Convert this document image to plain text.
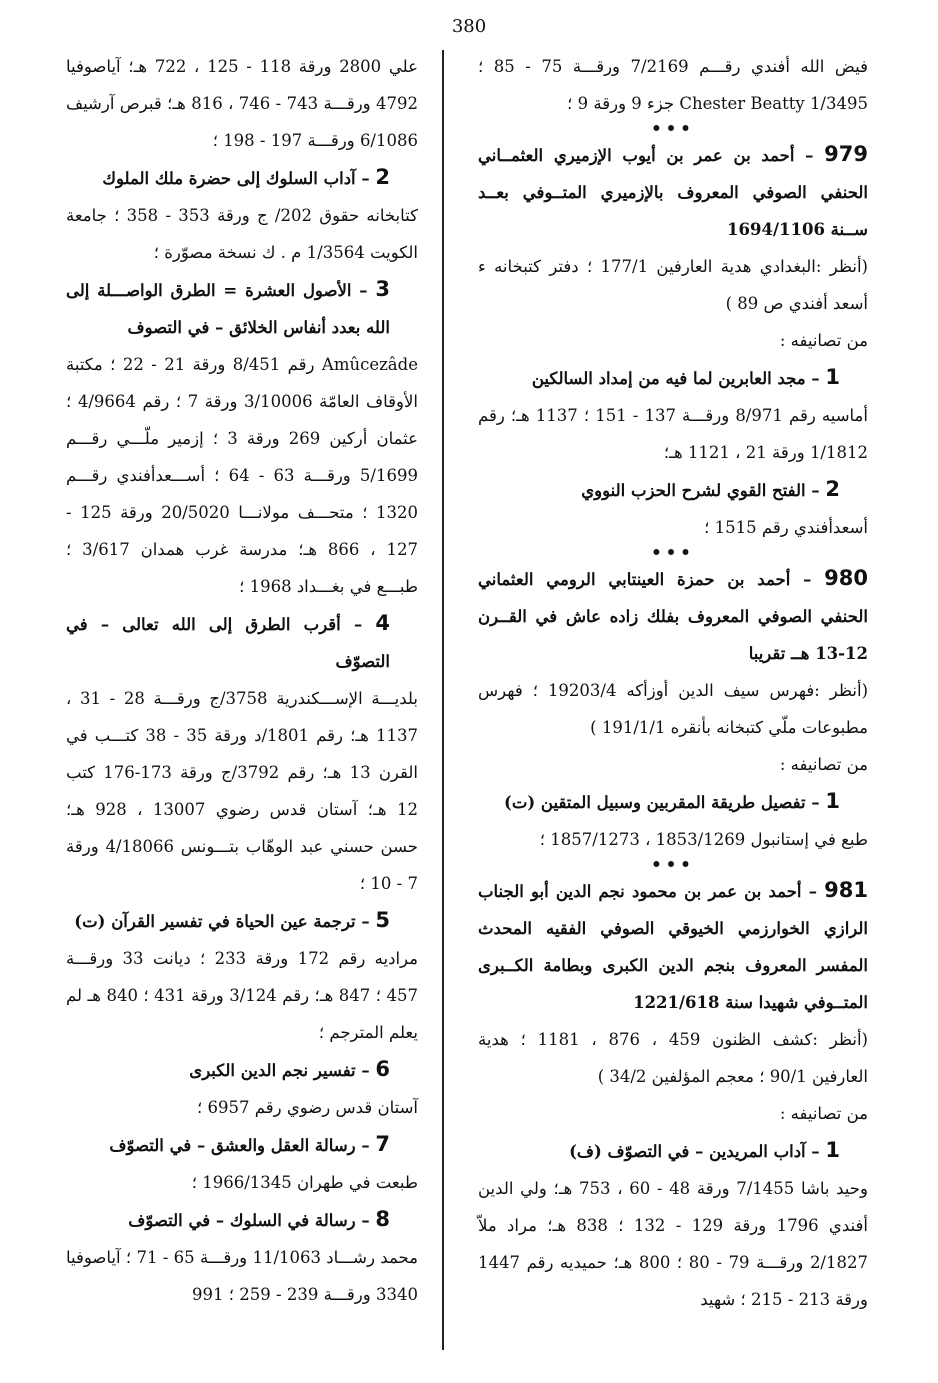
380
فيض الله أفندي رقـــم 7/2169 ورقـــة 75 - 85 ؛ 1/3495 Chester Beatty جزء 9 ورقة 9 ؛
•••
979 – أحمد بن عمر بن أيوب الإزميري العثمــاني الحنفي الصوفي المعروف بالإزميري المتــوفي بعــد ســنة 1694/1106
(أنظر :البغدادي هدية العارفين 177/1 ؛ دفتر كتبخانه ء أسعد أفندي ص 89 )
من تصانيفه :
1 – مجد العابرين لما فيه من إمداد السالكين
أماسيه رقم 8/971 ورقـــة 137 - 151 ؛ 1137 هـ؛ رقم 1/1812 ورقة 21 ، 1121 هـ؛
2 – الفتح القوي لشرح الحزب النووي
أسعدأفندي رقم 1515 ؛
•••
980 – أحمد بن حمزة العينتابي الرومي العثماني الحنفي الصوفي المعروف بفلك زاده عاش في القــرن 12-13 هــ تقريبا
(أنظر :فهرس سيف الدين أوزأكه 19203/4 ؛ فهرس مطبوعات ملّي كتبخانه بأنقره 191/1/1 )
من تصانيفه :
1 – تفصيل طريقة المقربين وسبيل المتقين (ت)
طبع في إستانبول 1853/1269 ، 1857/1273 ؛
•••
981 – أحمد بن عمر بن محمود نجم الدين أبو الجناب الرازي الخوارزمي الخيوقي الصوفي الفقيه المحدث المفسر المعروف بنجم الدين الكبرى وبطامة الكــبرى المتــوفي شهيدا سنة 1221/618
(أنظر :كشف الظنون 459 ، 876 ، 1181 ؛ هدية العارفين 90/1 ؛ معجم المؤلفين 34/2 )
من تصانيفه :
1 – آداب المريدين – في التصوّف (ف)
وحيد باشا 7/1455 ورقة 48 - 60 ، 753 هـ؛ ولي الدين أفندي 1796 ورقة 129 - 132 ؛ 838 هـ؛ مراد ملاّ 2/1827 ورقـــة 79 - 80 ؛ 800 هـ؛ حميديه رقم 1447 ورقة 213 - 215 ؛ شهيد
علي 2800 ورقة 118 - 125 ، 722 هـ؛ آياصوفيا 4792 ورقـــة 743 - 746 ، 816 هـ؛ قبرص آرشيف 6/1086 ورقـــة 197 - 198 ؛
2 – آداب السلوك إلى حضرة ملك الملوك
كتابخانه حقوق 202/ ج ورقة 353 - 358 ؛ جامعة الكويت 1/3564 م . ك نسخة مصوّرة ؛
3 – الأصول العشرة = الطرق الواصـــلة إلى الله بعدد أنفاس الخلائق – في التصوف
Amûcezâde رقم 8/451 ورقة 21 - 22 ؛ مكتبة الأوقاف العامّة 3/10006 ورقة 7 ؛ رقم 4/9664 ؛ عثمان أركين 269 ورقة 3 ؛ إزمير ملّـــي رقـــم 5/1699 ورقـــة 63 - 64 ؛ أســـعدأفندي رقـــم 1320 ؛ متحـــف مولانـــا 20/5020 ورقة 125 - 127 ، 866 هـ؛ مدرسة غرب همدان 3/617 ؛ طبـــع في بغـــداد 1968 ؛
4 – أقرب الطرق إلى الله تعالى – في التصوّف
بلديـــة الإســـكندرية 3758/ج ورقـــة 28 - 31 ، 1137 هـ؛ رقم 1801/د ورقة 35 - 38 كتـــب في القرن 13 هـ؛ رقم 3792/ج ورقة 173-176 كتب 12 هـ؛ آستان قدس رضوي 13007 ، 928 هـ؛ حسن حسني عبد الوهّاب بتـــونس 4/18066 ورقة 7 - 10 ؛
5 – ترجمة عين الحياة في تفسير القرآن (ت)
مراديه رقم 172 ورقة 233 ؛ ديانت 33 ورقـــة 457 ؛ 847 هـ؛ رقم 3/124 ورقة 431 ؛ 840 هـ لم يعلم المترجم ؛
6 – تفسير نجم الدين الكبرى
آستان قدس رضوي رقم 6957 ؛
7 – رسالة العقل والعشق – في التصوّف
طبعت في طهران 1966/1345 ؛
8 – رسالة في السلوك – في التصوّف
محمد رشـــاد 11/1063 ورقـــة 65 - 71 ؛ آياصوفيا 3340 ورقـــة 239 - 259 ؛ 991
